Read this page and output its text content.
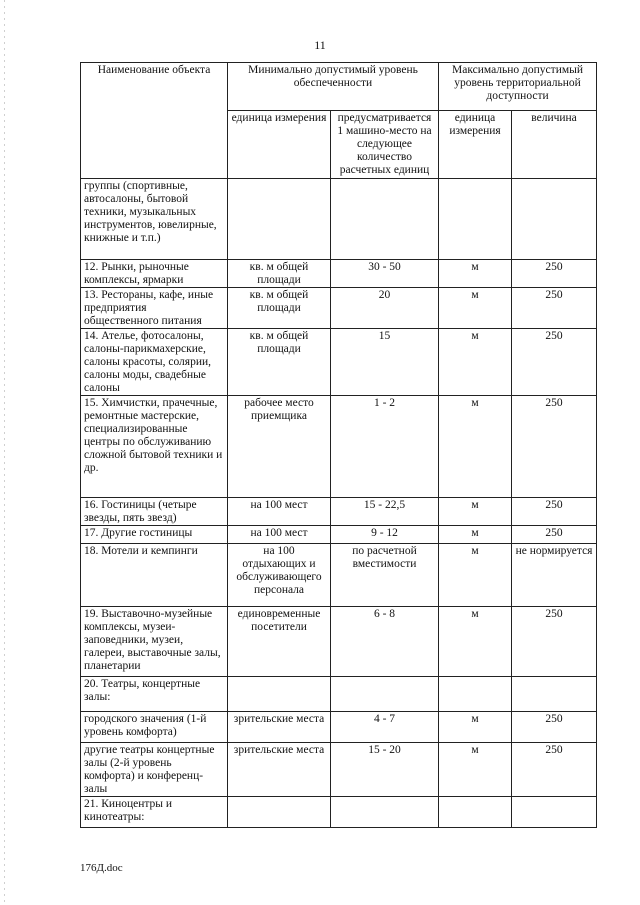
11
Наименование объекта	Минимально допустимый уровень обеспеченности		Максимально допустимый уровень территориальной доступности	
	единица измерения	предусматривается 1 машино-место на следующее количество расчетных единиц	единица измерения	величина
группы (спортивные, автосалоны, бытовой техники, музыкальных инструментов, ювелирные, книжные и т.п.)				
12. Рынки, рыночные комплексы, ярмарки	кв. м общей площади	30 - 50	м	250
13. Рестораны, кафе, иные предприятия общественного питания	кв. м общей площади	20	м	250
14. Ателье, фотосалоны, салоны-парикмахерские, салоны красоты, солярии, салоны моды, свадебные салоны	кв. м общей площади	15	м	250
15. Химчистки, прачечные, ремонтные мастерские, специализированные центры по обслуживанию сложной бытовой техники и др.	рабочее место приемщика	1 - 2	м	250
16. Гостиницы (четыре звезды, пять звезд)	на 100 мест	15 - 22,5	м	250
17. Другие гостиницы	на 100 мест	9 - 12	м	250
18. Мотели и кемпинги	на 100 отдыхающих и обслуживающего персонала	по расчетной вместимости	м	не нормируется
19. Выставочно-музейные комплексы, музеи-заповедники, музеи, галереи, выставочные залы, планетарии	единовременные посетители	6 - 8	м	250
20. Театры, концертные залы:				
городского значения (1-й уровень комфорта)	зрительские места	4 - 7	м	250
другие театры концертные залы (2-й уровень комфорта) и конференц-залы	зрительские места	15 - 20	м	250
21. Киноцентры и кинотеатры:				
176Д.doc
